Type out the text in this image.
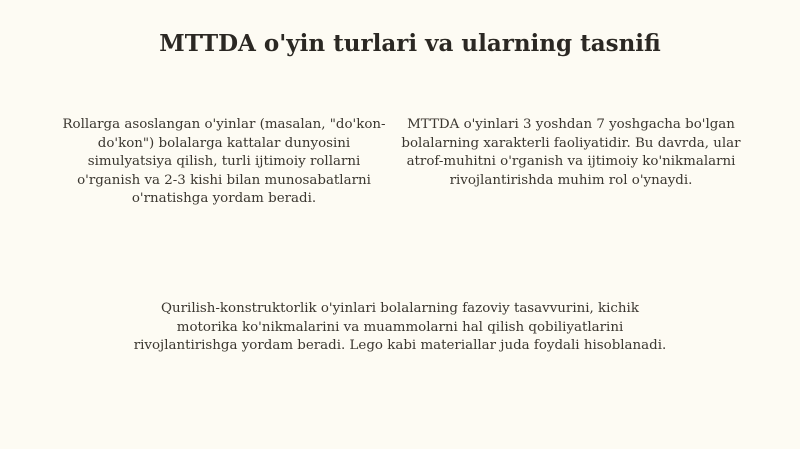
MTTDA o'yin turlari va ularning tasnifi

Rollarga asoslangan o'yinlar (masalan, "do'kon-do'kon") bolalarga kattalar dunyosini simulyatsiya qilish, turli ijtimoiy rollarni o'rganish va 2-3 kishi bilan munosabatlarni o'rnatishga yordam beradi.

MTTDA o'yinlari 3 yoshdan 7 yoshgacha bo'lgan bolalarning xarakterli faoliyatidir. Bu davrda, ular atrof-muhitni o'rganish va ijtimoiy ko'nikmalarni rivojlantirishda muhim rol o'ynaydi.

Qurilish-konstruktorlik o'yinlari bolalarning fazoviy tasavvurini, kichik motorika ko'nikmalarini va muammolarni hal qilish qobiliyatlarini rivojlantirishga yordam beradi. Lego kabi materiallar juda foydali hisoblanadi.
